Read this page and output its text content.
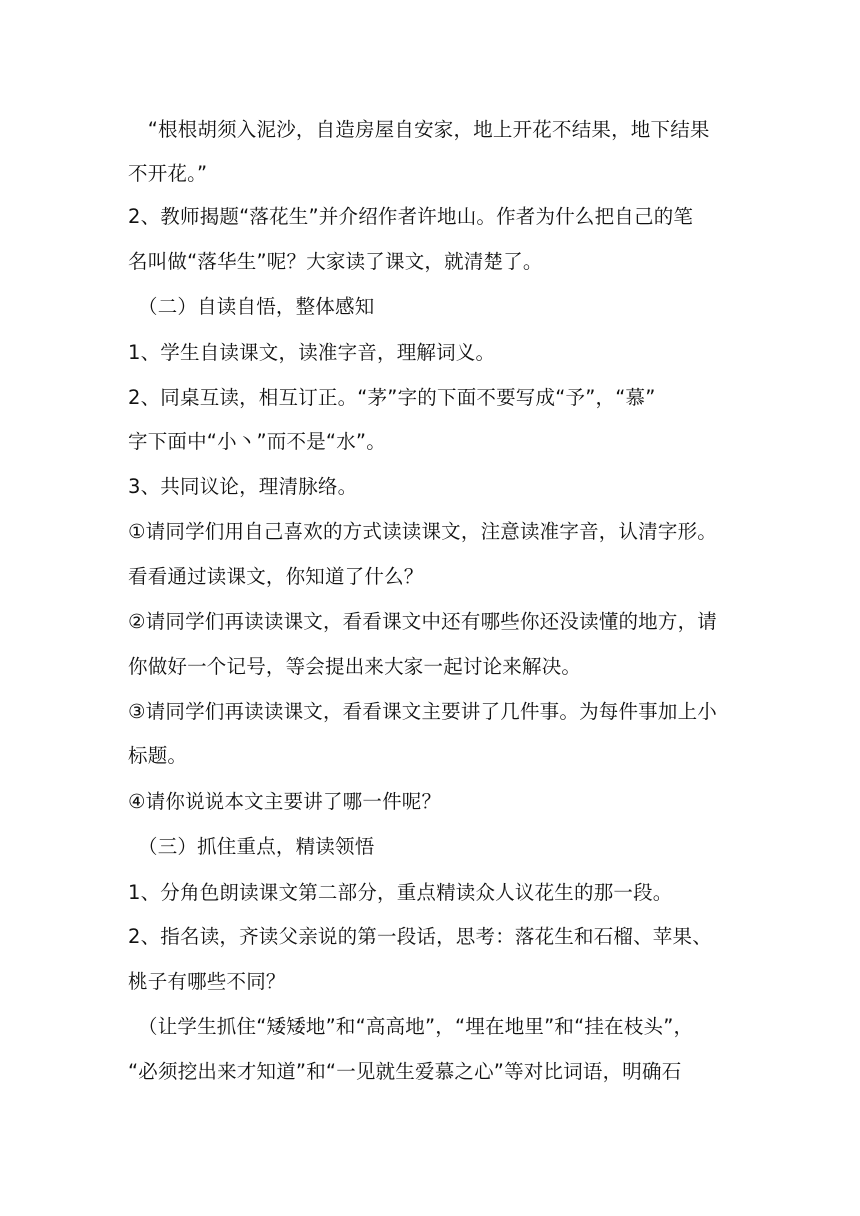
　“根根胡须入泥沙，自造房屋自安家，地上开花不结果，地下结果
不开花。”
2、教师揭题“落花生”并介绍作者许地山。作者为什么把自己的笔
名叫做“落华生”呢？大家读了课文，就清楚了。
（二）自读自悟，整体感知
1、学生自读课文，读准字音，理解词义。
2、同桌互读，相互订正。“茅”字的下面不要写成“予”，“慕”
字下面中“小丶”而不是“水”。
3、共同议论，理清脉络。
①请同学们用自己喜欢的方式读读课文，注意读准字音，认清字形。
看看通过读课文，你知道了什么？
②请同学们再读读课文，看看课文中还有哪些你还没读懂的地方，请
你做好一个记号，等会提出来大家一起讨论来解决。
③请同学们再读读课文，看看课文主要讲了几件事。为每件事加上小
标题。
④请你说说本文主要讲了哪一件呢？
（三）抓住重点，精读领悟
1、分角色朗读课文第二部分，重点精读众人议花生的那一段。
2、指名读，齐读父亲说的第一段话，思考：落花生和石榴、苹果、
桃子有哪些不同？
（让学生抓住“矮矮地”和“高高地”，“埋在地里”和“挂在枝头”，
“必须挖出来才知道”和“一见就生爱慕之心”等对比词语，明确石
